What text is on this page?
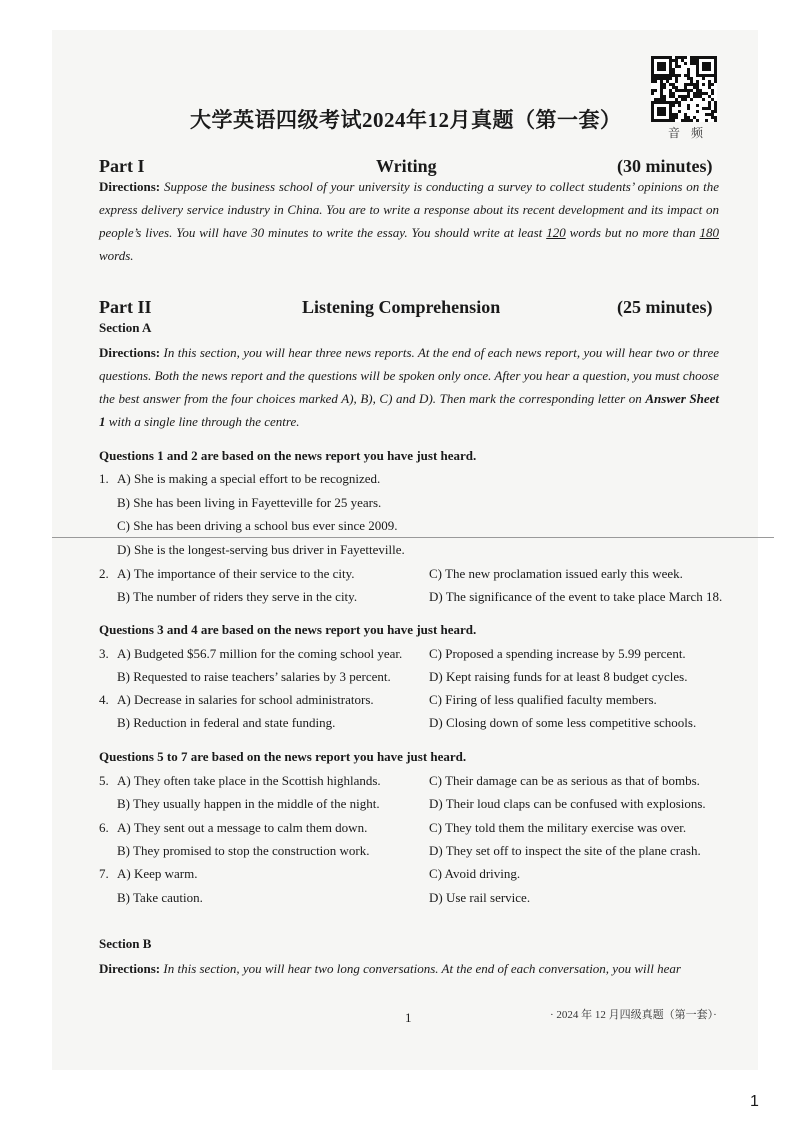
音 频
大学英语四级考试2024年12月真题（第一套）
Part I	Writing	(30 minutes)
Directions: Suppose the business school of your university is conducting a survey to collect students’ opinions on the express delivery service industry in China. You are to write a response about its recent development and its impact on people’s lives. You will have 30 minutes to write the essay. You should write at least 120 words but no more than 180 words.
Part II	Listening Comprehension	(25 minutes)
Section A
Directions: In this section, you will hear three news reports. At the end of each news report, you will hear two or three questions. Both the news report and the questions will be spoken only once. After you hear a question, you must choose the best answer from the four choices marked A), B), C) and D). Then mark the corresponding letter on Answer Sheet 1 with a single line through the centre.
Questions 1 and 2 are based on the news report you have just heard.
1. A) She is making a special effort to be recognized.
B) She has been living in Fayetteville for 25 years.
C) She has been driving a school bus ever since 2009.
D) She is the longest-serving bus driver in Fayetteville.
2. A) The importance of their service to the city.	C) The new proclamation issued early this week.
B) The number of riders they serve in the city.	D) The significance of the event to take place March 18.
Questions 3 and 4 are based on the news report you have just heard.
3. A) Budgeted $56.7 million for the coming school year. C) Proposed a spending increase by 5.99 percent.
B) Requested to raise teachers’ salaries by 3 percent.	D) Kept raising funds for at least 8 budget cycles.
4. A) Decrease in salaries for school administrators.	C) Firing of less qualified faculty members.
B) Reduction in federal and state funding.	D) Closing down of some less competitive schools.
Questions 5 to 7 are based on the news report you have just heard.
5. A) They often take place in the Scottish highlands.	C) Their damage can be as serious as that of bombs.
B) They usually happen in the middle of the night.	D) Their loud claps can be confused with explosions.
6. A) They sent out a message to calm them down.	C) They told them the military exercise was over.
B) They promised to stop the construction work.	D) They set off to inspect the site of the plane crash.
7. A) Keep warm.	C) Avoid driving.
B) Take caution.	D) Use rail service.
Section B
Directions: In this section, you will hear two long conversations. At the end of each conversation, you will hear
1	· 2024 年 12 月四级真题（第一套）·
1
